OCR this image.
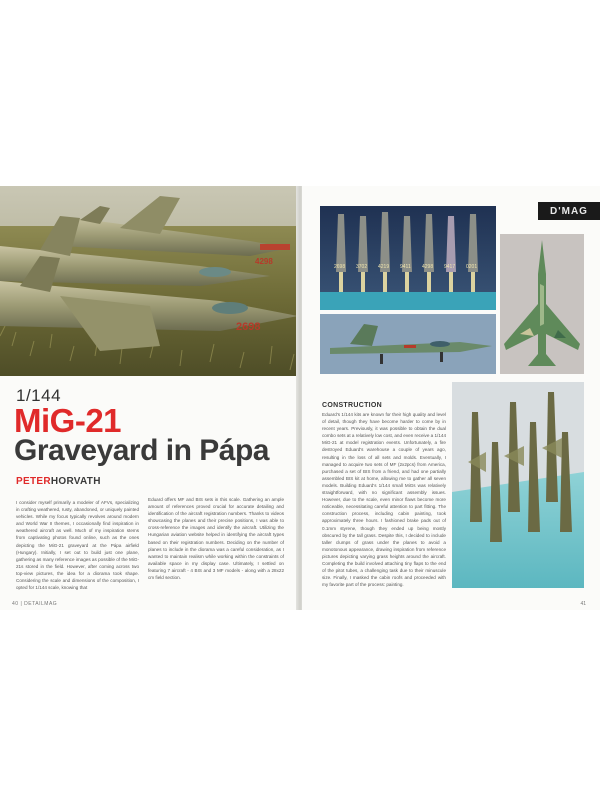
2698
4298
1/144
MiG-21
Graveyard in Pápa
PETERHORVATH
I consider myself primarily a modeler of AFVs, specializing in crafting weathered, rusty, abandoned, or uniquely painted vehicles. While my focus typically revolves around modern and World War II themes, I occasionally find inspiration in weathered aircraft as well. Much of my inspiration stems from captivating photos found online, such as the ones depicting the MiG-21 graveyard at the Pápa airfield (Hungary). Initially, I set out to build just one plane, gathering as many reference images as possible of the MiG-21s stored in the field. However, after coming across two top-view pictures, the idea for a diorama took shape. Considering the scale and dimensions of the composition, I opted for 1/144 scale, knowing that
Eduard offers MF and BIS sets in this scale. Gathering an ample amount of references proved crucial for accurate detailing and identification of the aircraft registration numbers. Thanks to videos showcasing the planes and their precise positions, I was able to cross-reference the images and identify the aircraft. Utilizing the Hungarian aviation website helped in identifying the aircraft types based on their registration numbers. Deciding on the number of planes to include in the diorama was a careful consideration, as I wanted to maintain realism while working within the constraints of available space in my display case. Ultimately, I settled on featuring 7 aircraft - 4 BIS and 3 MF models - along with a 28x22 cm field section.
40 | DETAILMAG
D'MAG
2698 3702 4219 9411 4298 9417 0201
CONSTRUCTION
Eduard's 1/144 kits are known for their high quality and level of detail, though they have become harder to come by in recent years. Previously, it was possible to obtain the dual combo sets at a relatively low cost, and even receive a 1/144 MiG-21 at model registration events. Unfortunately, a fire destroyed Eduard's warehouse a couple of years ago, resulting in the loss of all sets and molds. Eventually, I managed to acquire two sets of MF (2x2pcs) from America, purchased a set of BIS from a friend, and had one partially assembled BIS kit at home, allowing me to gather all seven models. Building Eduard's 1/144 small MiGs was relatively straightforward, with no significant assembly issues. However, due to the scale, even minor flaws become more noticeable, necessitating careful attention to part fitting. The construction process, including cabin painting, took approximately three hours. I fashioned brake pads out of 0.1mm styrene, though they ended up being mostly obscured by the tall grass. Despite this, I decided to include taller clumps of grass under the planes to avoid a monotonous appearance, drawing inspiration from reference pictures depicting varying grass heights around the aircraft. Completing the build involved attaching tiny flaps to the end of the pitot tubes, a challenging task due to their minuscule size. Finally, I masked the cabin roofs and proceeded with my favorite part of the process: painting.
41
